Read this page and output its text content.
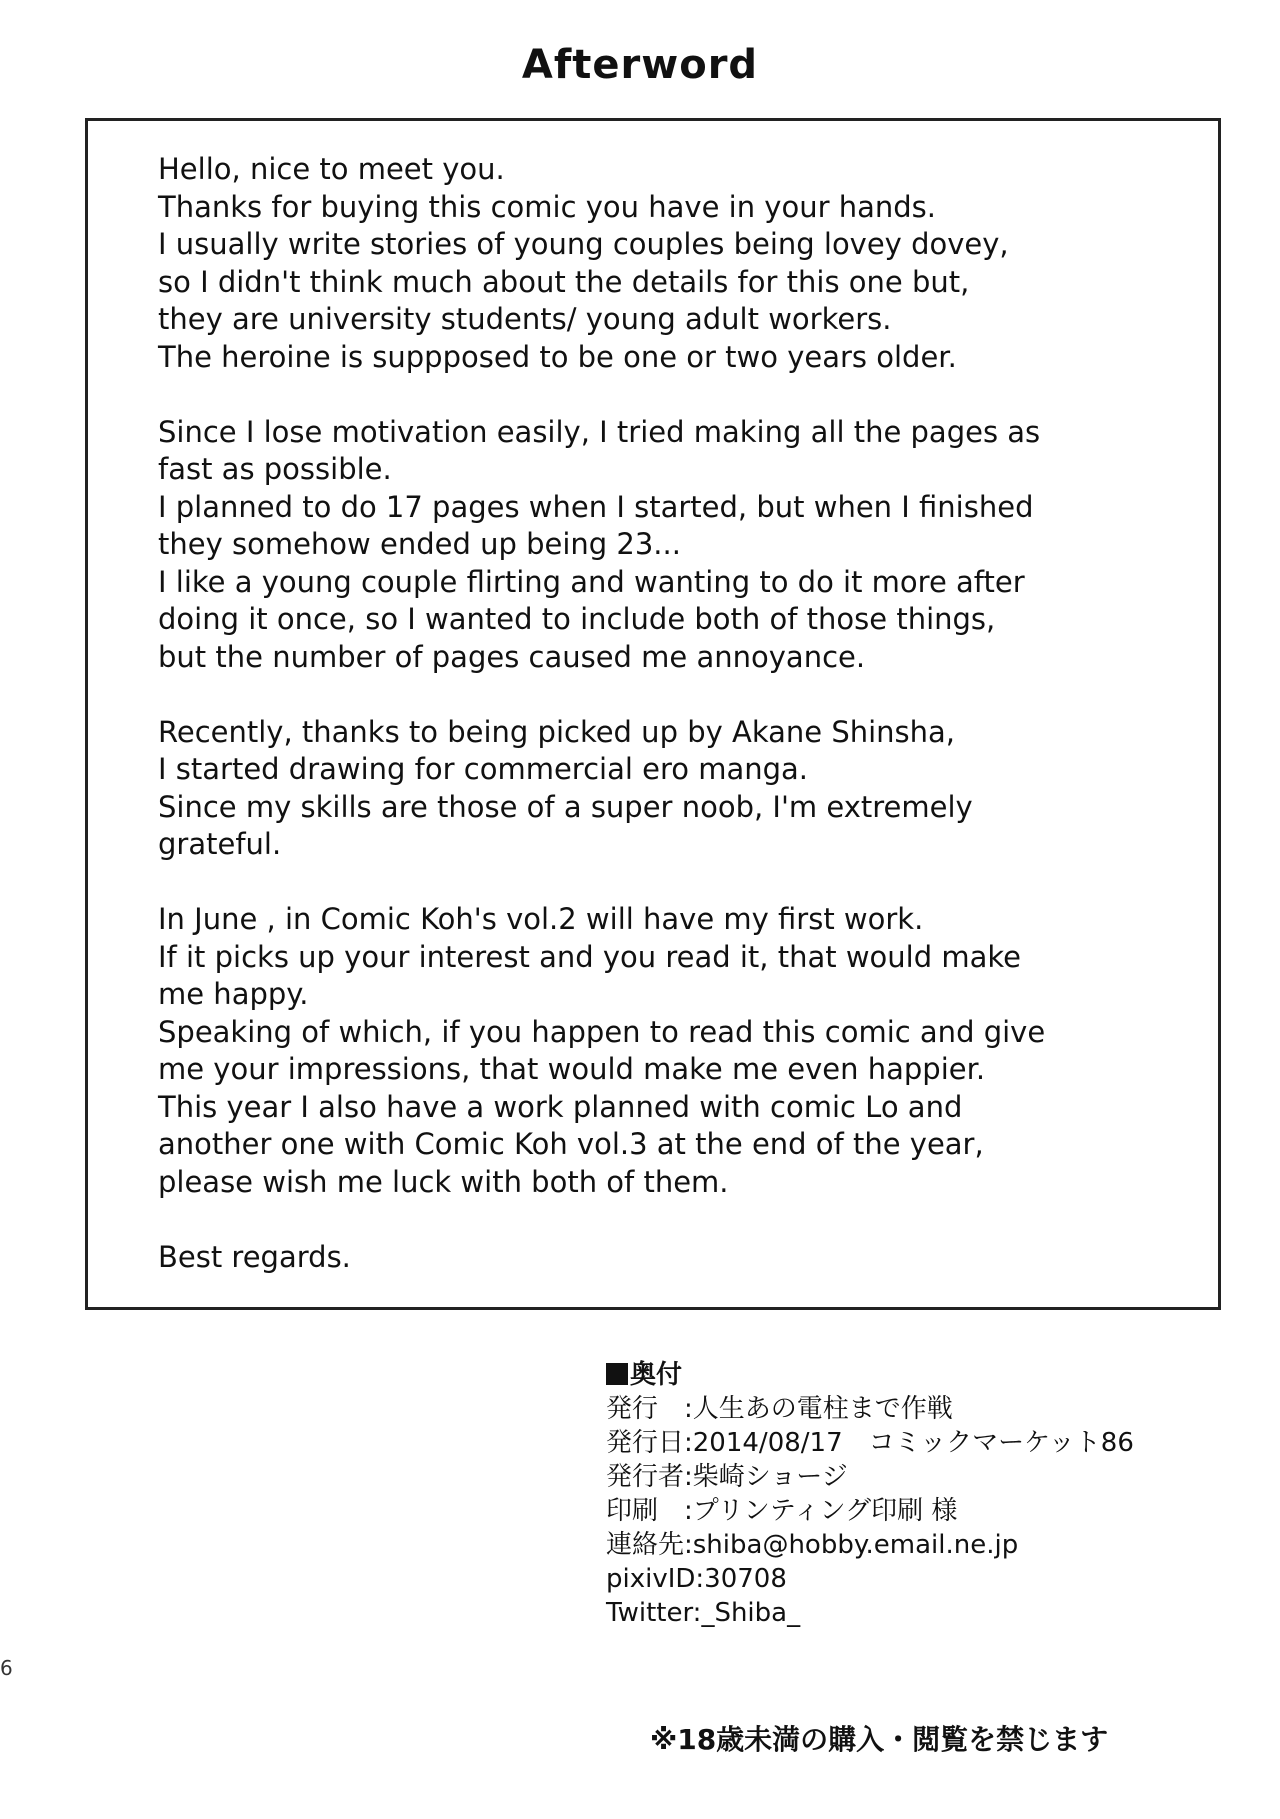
Afterword
Hello, nice to meet you.
Thanks for buying this comic you have in your hands.
I usually write stories of young couples being lovey dovey,
so I didn't think much about the details for this one but,
they are university students/ young adult workers.
The heroine is suppposed to be one or two years older.
Since I lose motivation easily, I tried making all the pages as
fast as possible.
I planned to do 17 pages when I started, but when I finished
they somehow ended up being 23...
I like a young couple flirting and wanting to do it more after
doing it once, so I wanted to include both of those things,
but the number of pages caused me annoyance.
Recently, thanks to being picked up by Akane Shinsha,
I started drawing for commercial ero manga.
Since my skills are those of a super noob, I'm extremely
grateful.
In June , in Comic Koh's vol.2 will have my first work.
If it picks up your interest and you read it, that would make
me happy.
Speaking of which, if you happen to read this comic and give
me your impressions, that would make me even happier.
This year I also have a work planned with comic Lo and
another one with Comic Koh vol.3 at the end of the year,
please wish me luck with both of them.
Best regards.
奥付
発行　:人生あの電柱まで作戦
発行日:2014/08/17　コミックマーケット86
発行者:柴崎ショージ
印刷　:プリンティング印刷 様
連絡先:shiba@hobby.email.ne.jp
pixivID:30708
Twitter:_Shiba_
※18歳未満の購入・閲覧を禁じます
6
